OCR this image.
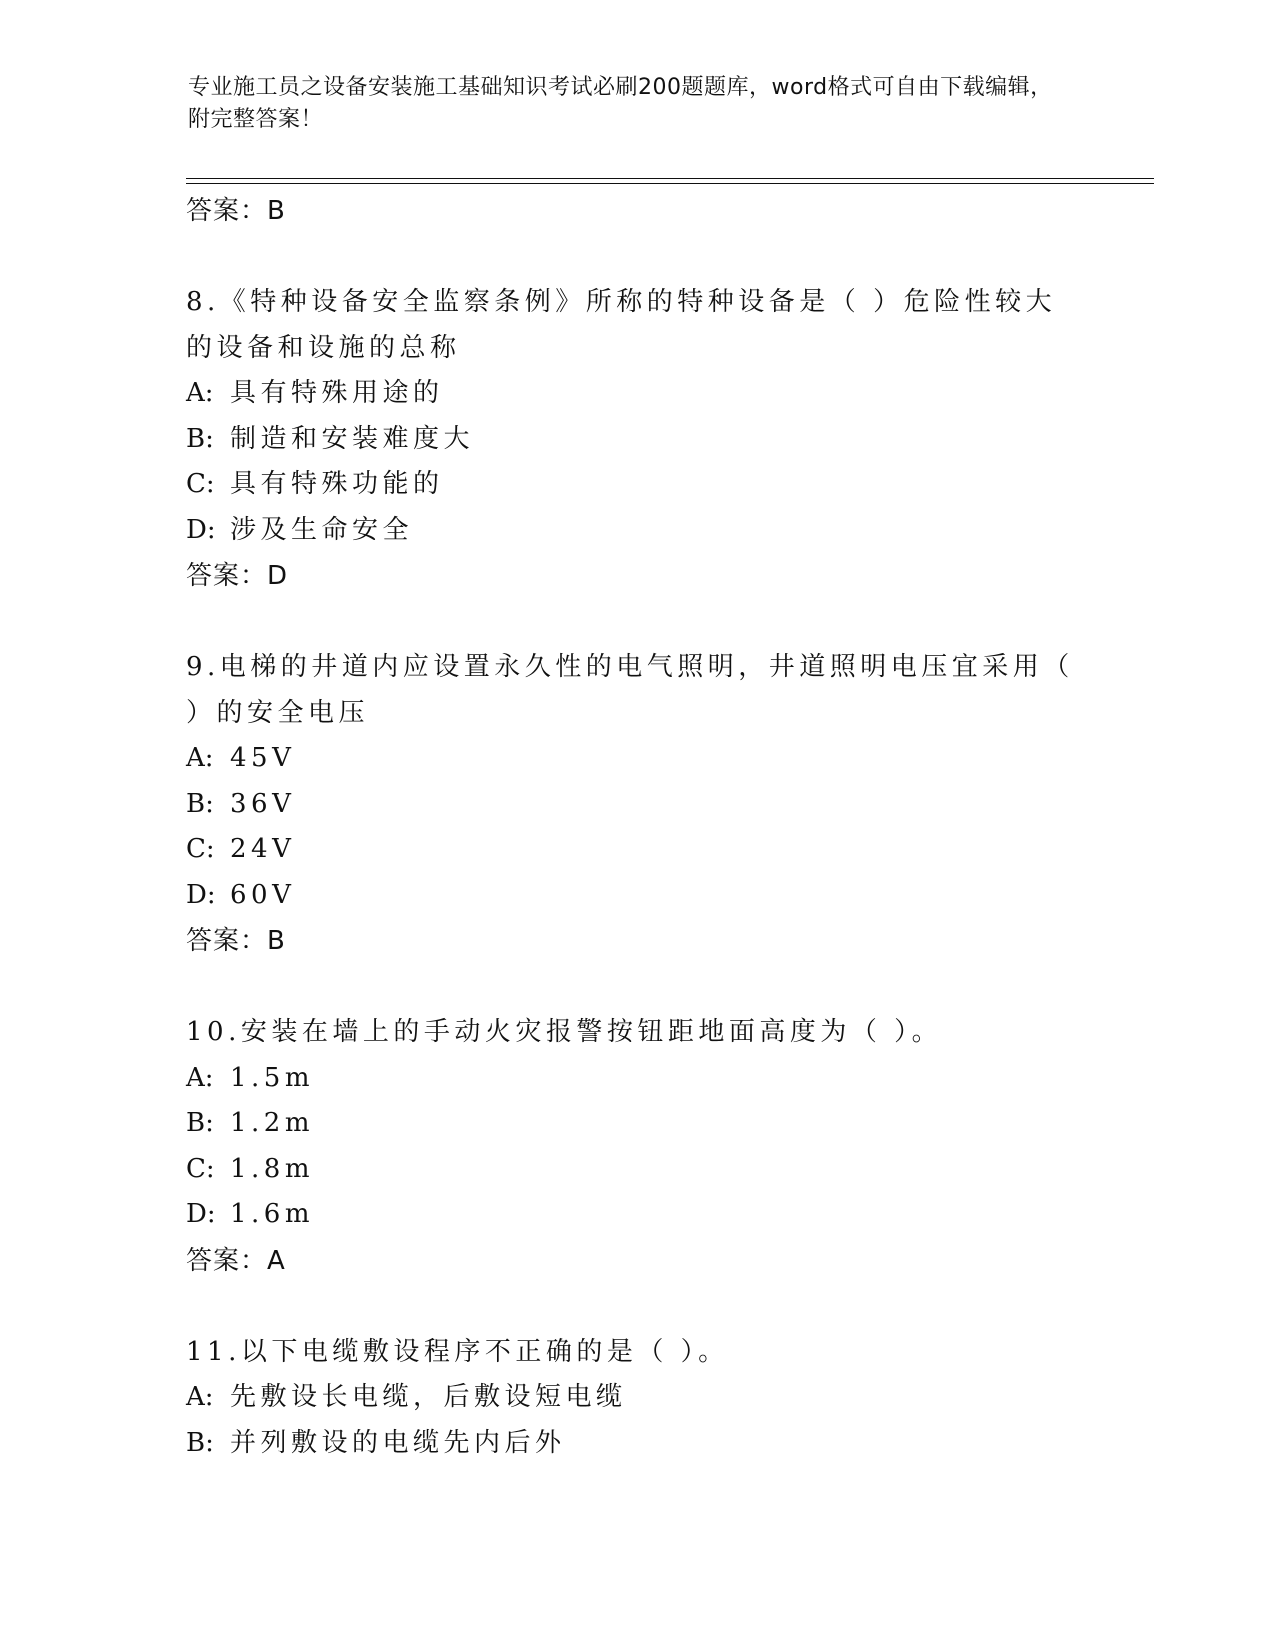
专业施工员之设备安装施工基础知识考试必刷200题题库，word格式可自由下载编辑，附完整答案！
答案：B

8.《特种设备安全监察条例》所称的特种设备是（ ）危险性较大的设备和设施的总称

A: 具有特殊用途的
B: 制造和安装难度大
C: 具有特殊功能的
D: 涉及生命安全
答案：D

9.电梯的井道内应设置永久性的电气照明，井道照明电压宜采用（ ）的安全电压

A: 45V
B: 36V
C: 24V
D: 60V
答案：B

10.安装在墙上的手动火灾报警按钮距地面高度为（ ）。

A: 1.5m
B: 1.2m
C: 1.8m
D: 1.6m
答案：A

11.以下电缆敷设程序不正确的是（ ）。

A: 先敷设长电缆，后敷设短电缆
B: 并列敷设的电缆先内后外
